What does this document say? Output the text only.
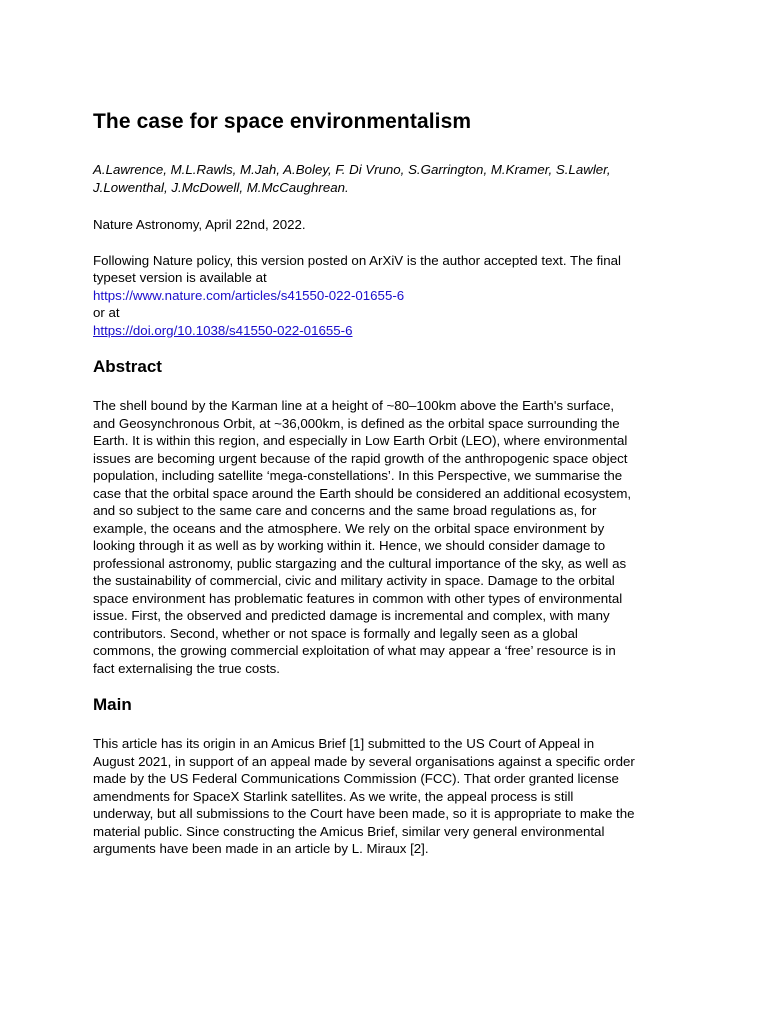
The case for space environmentalism

A.Lawrence, M.L.Rawls, M.Jah, A.Boley, F. Di Vruno, S.Garrington, M.Kramer, S.Lawler,
J.Lowenthal, J.McDowell, M.McCaughrean.

Nature Astronomy, April 22nd, 2022.

Following Nature policy, this version posted on ArXiV is the author accepted text. The final
typeset version is available at
https://www.nature.com/articles/s41550-022-01655-6
or at
https://doi.org/10.1038/s41550-022-01655-6

Abstract

The shell bound by the Karman line at a height of ~80–100km above the Earth's surface,
and Geosynchronous Orbit, at ~36,000km, is defined as the orbital space surrounding the
Earth. It is within this region, and especially in Low Earth Orbit (LEO), where environmental
issues are becoming urgent because of the rapid growth of the anthropogenic space object
population, including satellite ‘mega-constellations’. In this Perspective, we summarise the
case that the orbital space around the Earth should be considered an additional ecosystem,
and so subject to the same care and concerns and the same broad regulations as, for
example, the oceans and the atmosphere. We rely on the orbital space environment by
looking through it as well as by working within it. Hence, we should consider damage to
professional astronomy, public stargazing and the cultural importance of the sky, as well as
the sustainability of commercial, civic and military activity in space. Damage to the orbital
space environment has problematic features in common with other types of environmental
issue. First, the observed and predicted damage is incremental and complex, with many
contributors. Second, whether or not space is formally and legally seen as a global
commons, the growing commercial exploitation of what may appear a ‘free’ resource is in
fact externalising the true costs.

Main

This article has its origin in an Amicus Brief [1] submitted to the US Court of Appeal in
August 2021, in support of an appeal made by several organisations against a specific order
made by the US Federal Communications Commission (FCC). That order granted license
amendments for SpaceX Starlink satellites. As we write, the appeal process is still
underway, but all submissions to the Court have been made, so it is appropriate to make the
material public. Since constructing the Amicus Brief, similar very general environmental
arguments have been made in an article by L. Miraux [2].
